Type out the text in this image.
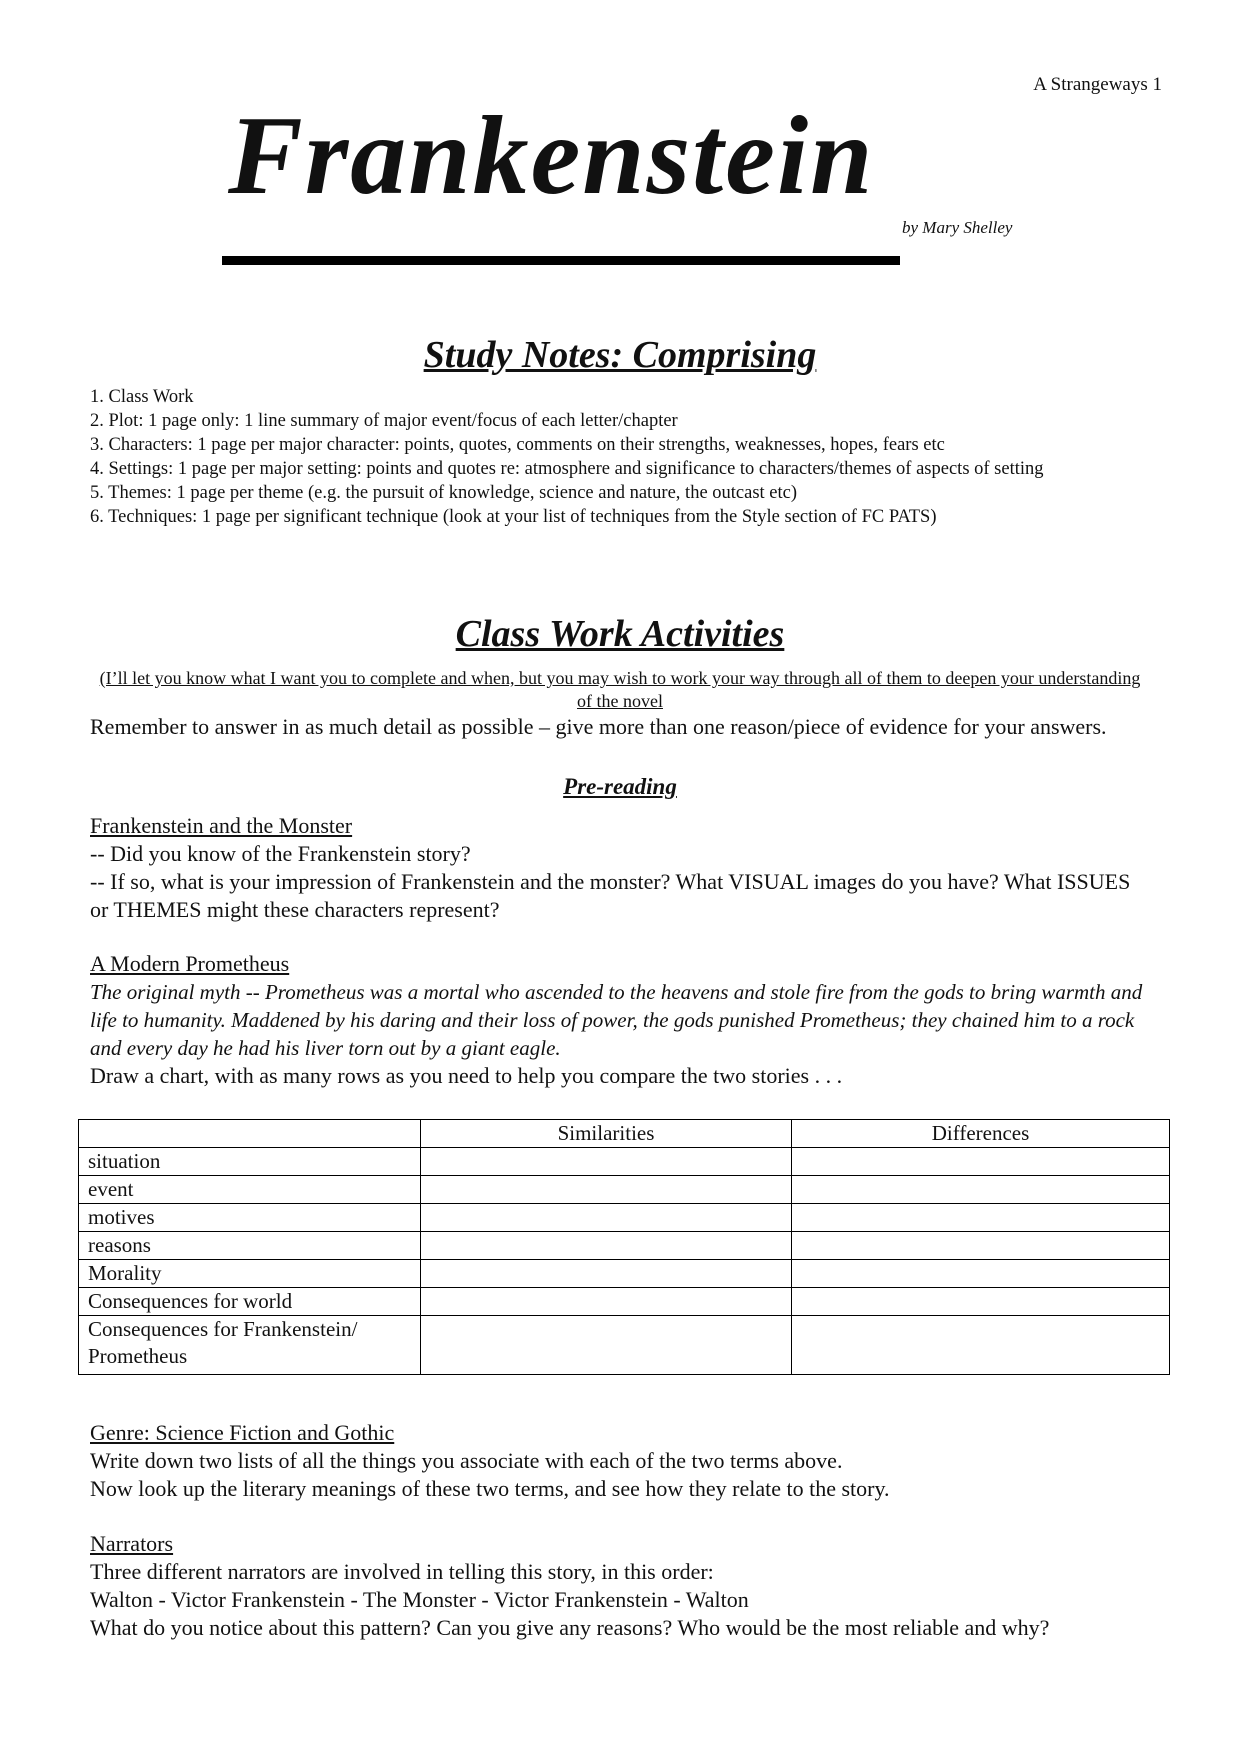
A Strangeways 1
Frankenstein
by Mary Shelley
Study Notes: Comprising
1. Class Work
2. Plot: 1 page only: 1 line summary of major event/focus of each letter/chapter
3. Characters: 1 page per major character: points, quotes, comments on their strengths, weaknesses, hopes, fears etc
4. Settings: 1 page per major setting: points and quotes re: atmosphere and significance to characters/themes of aspects of setting
5. Themes: 1 page per theme (e.g. the pursuit of knowledge, science and nature, the outcast etc)
6. Techniques: 1 page per significant technique (look at your list of techniques from the Style section of FC PATS)
Class Work Activities
(I’ll let you know what I want you to complete and when, but you may wish to work your way through all of them to deepen your understanding of the novel
Remember to answer in as much detail as possible – give more than one reason/piece of evidence for your answers.
Pre-reading
Frankenstein and the Monster
-- Did you know of the Frankenstein story?
-- If so, what is your impression of Frankenstein and the monster? What VISUAL images do you have? What ISSUES or THEMES might these characters represent?
A Modern Prometheus
The original myth -- Prometheus was a mortal who ascended to the heavens and stole fire from the gods to bring warmth and life to humanity. Maddened by his daring and their loss of power, the gods punished Prometheus; they chained him to a rock and every day he had his liver torn out by a giant eagle.
Draw a chart, with as many rows as you need to help you compare the two stories . . .
	Similarities	Differences
situation		
event		
motives		
reasons		
Morality		
Consequences for world		
Consequences for Frankenstein/ Prometheus		
Genre: Science Fiction and Gothic
Write down two lists of all the things you associate with each of the two terms above.
Now look up the literary meanings of these two terms, and see how they relate to the story.
Narrators
Three different narrators are involved in telling this story, in this order:
Walton - Victor Frankenstein - The Monster - Victor Frankenstein - Walton
What do you notice about this pattern? Can you give any reasons? Who would be the most reliable and why?
